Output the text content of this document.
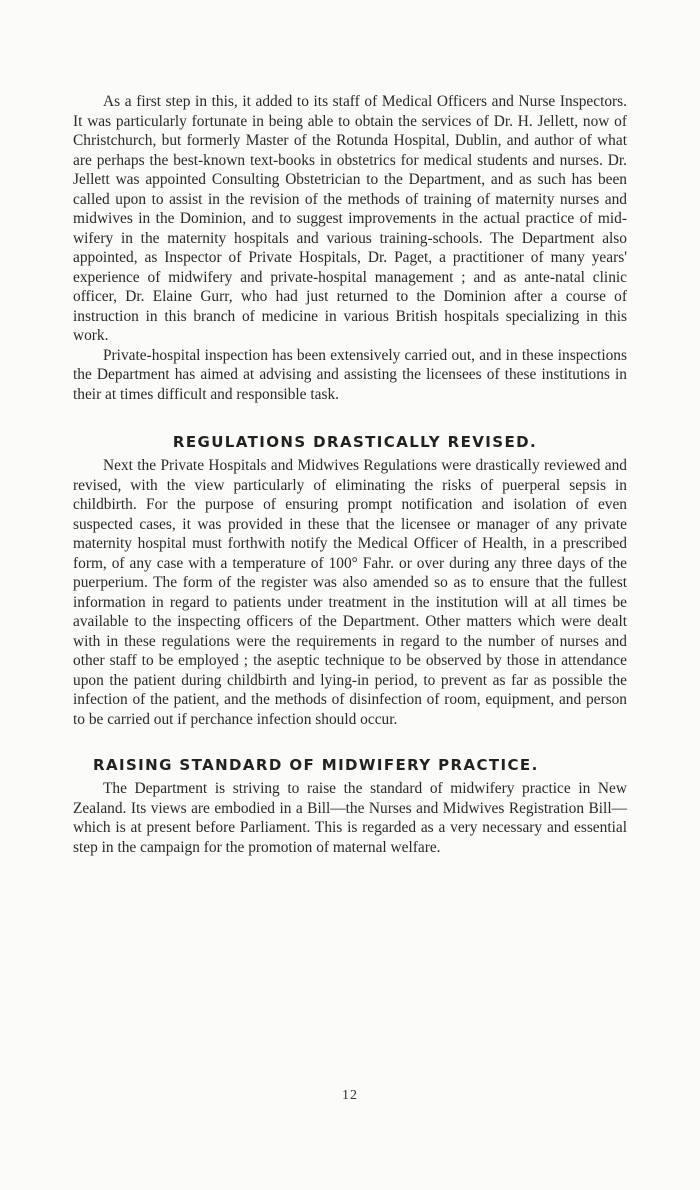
As a first step in this, it added to its staff of Medical Officers and Nurse Inspectors. It was particularly fortunate in being able to obtain the services of Dr. H. Jellett, now of Christchurch, but formerly Master of the Rotunda Hospital, Dublin, and author of what are perhaps the best-known text-books in obstetrics for medical students and nurses. Dr. Jellett was appointed Consulting Obstetrician to the Department, and as such has been called upon to assist in the revision of the methods of training of maternity nurses and midwives in the Dominion, and to suggest improvements in the actual practice of midwifery in the maternity hospitals and various training-schools. The Department also appointed, as Inspector of Private Hospitals, Dr. Paget, a practitioner of many years' experience of midwifery and private-hospital management ; and as ante-natal clinic officer, Dr. Elaine Gurr, who had just returned to the Dominion after a course of instruction in this branch of medicine in various British hospitals specializing in this work.

Private-hospital inspection has been extensively carried out, and in these inspections the Department has aimed at advising and assisting the licensees of these institutions in their at times difficult and responsible task.

REGULATIONS DRASTICALLY REVISED.

Next the Private Hospitals and Midwives Regulations were drastically reviewed and revised, with the view particularly of eliminating the risks of puerperal sepsis in childbirth. For the purpose of ensuring prompt notification and isolation of even suspected cases, it was provided in these that the licensee or manager of any private maternity hospital must forthwith notify the Medical Officer of Health, in a prescribed form, of any case with a temperature of 100° Fahr. or over during any three days of the puerperium. The form of the register was also amended so as to ensure that the fullest information in regard to patients under treatment in the institution will at all times be available to the inspecting officers of the Department. Other matters which were dealt with in these regulations were the requirements in regard to the number of nurses and other staff to be employed ; the aseptic technique to be observed by those in attendance upon the patient during childbirth and lying-in period, to prevent as far as possible the infection of the patient, and the methods of disinfection of room, equipment, and person to be carried out if perchance infection should occur.

RAISING STANDARD OF MIDWIFERY PRACTICE.

The Department is striving to raise the standard of midwifery practice in New Zealand. Its views are embodied in a Bill—the Nurses and Midwives Registration Bill—which is at present before Parliament. This is regarded as a very necessary and essential step in the campaign for the promotion of maternal welfare.

12
